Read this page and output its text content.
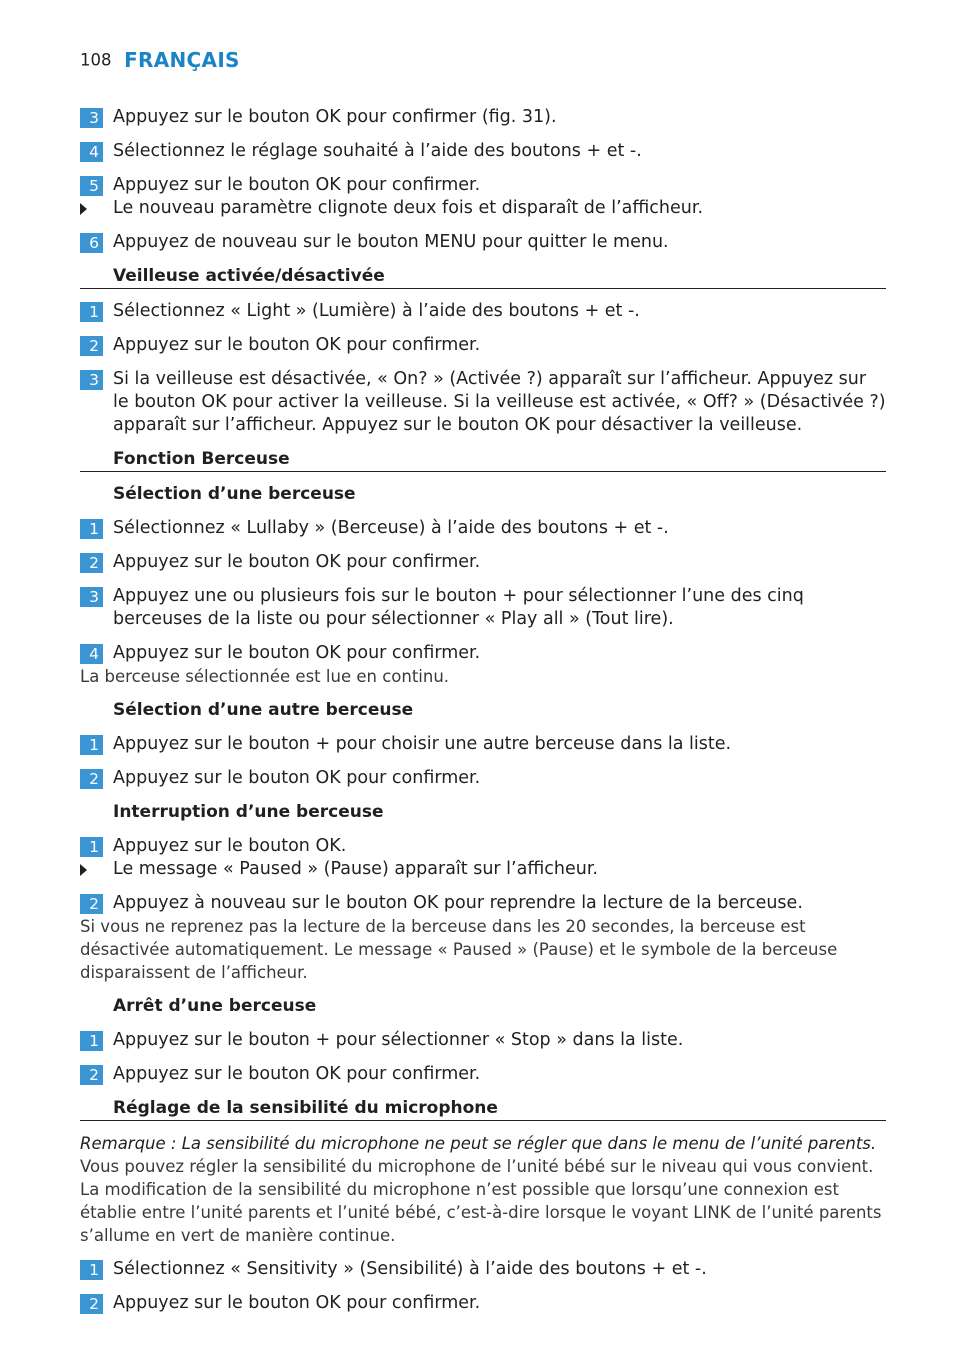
108 FRANÇAIS
3 Appuyez sur le bouton OK pour confirmer (fig. 31).
4 Sélectionnez le réglage souhaité à l’aide des boutons + et -.
5 Appuyez sur le bouton OK pour confirmer.
Le nouveau paramètre clignote deux fois et disparaît de l’afficheur.
6 Appuyez de nouveau sur le bouton MENU pour quitter le menu.
Veilleuse activée/désactivée
1 Sélectionnez « Light » (Lumière) à l’aide des boutons + et -.
2 Appuyez sur le bouton OK pour confirmer.
3 Si la veilleuse est désactivée, « On? » (Activée ?) apparaît sur l’afficheur. Appuyez sur le bouton OK pour activer la veilleuse. Si la veilleuse est activée, « Off? » (Désactivée ?) apparaît sur l’afficheur. Appuyez sur le bouton OK pour désactiver la veilleuse.
Fonction Berceuse
Sélection d’une berceuse
1 Sélectionnez « Lullaby » (Berceuse) à l’aide des boutons + et -.
2 Appuyez sur le bouton OK pour confirmer.
3 Appuyez une ou plusieurs fois sur le bouton + pour sélectionner l’une des cinq berceuses de la liste ou pour sélectionner « Play all » (Tout lire).
4 Appuyez sur le bouton OK pour confirmer.
La berceuse sélectionnée est lue en continu.
Sélection d’une autre berceuse
1 Appuyez sur le bouton + pour choisir une autre berceuse dans la liste.
2 Appuyez sur le bouton OK pour confirmer.
Interruption d’une berceuse
1 Appuyez sur le bouton OK.
Le message « Paused » (Pause) apparaît sur l’afficheur.
2 Appuyez à nouveau sur le bouton OK pour reprendre la lecture de la berceuse.
Si vous ne reprenez pas la lecture de la berceuse dans les 20 secondes, la berceuse est désactivée automatiquement. Le message « Paused » (Pause) et le symbole de la berceuse disparaissent de l’afficheur.
Arrêt d’une berceuse
1 Appuyez sur le bouton + pour sélectionner « Stop » dans la liste.
2 Appuyez sur le bouton OK pour confirmer.
Réglage de la sensibilité du microphone
Remarque : La sensibilité du microphone ne peut se régler que dans le menu de l’unité parents.
Vous pouvez régler la sensibilité du microphone de l’unité bébé sur le niveau qui vous convient. La modification de la sensibilité du microphone n’est possible que lorsqu’une connexion est établie entre l’unité parents et l’unité bébé, c’est-à-dire lorsque le voyant LINK de l’unité parents s’allume en vert de manière continue.
1 Sélectionnez « Sensitivity » (Sensibilité) à l’aide des boutons + et -.
2 Appuyez sur le bouton OK pour confirmer.
